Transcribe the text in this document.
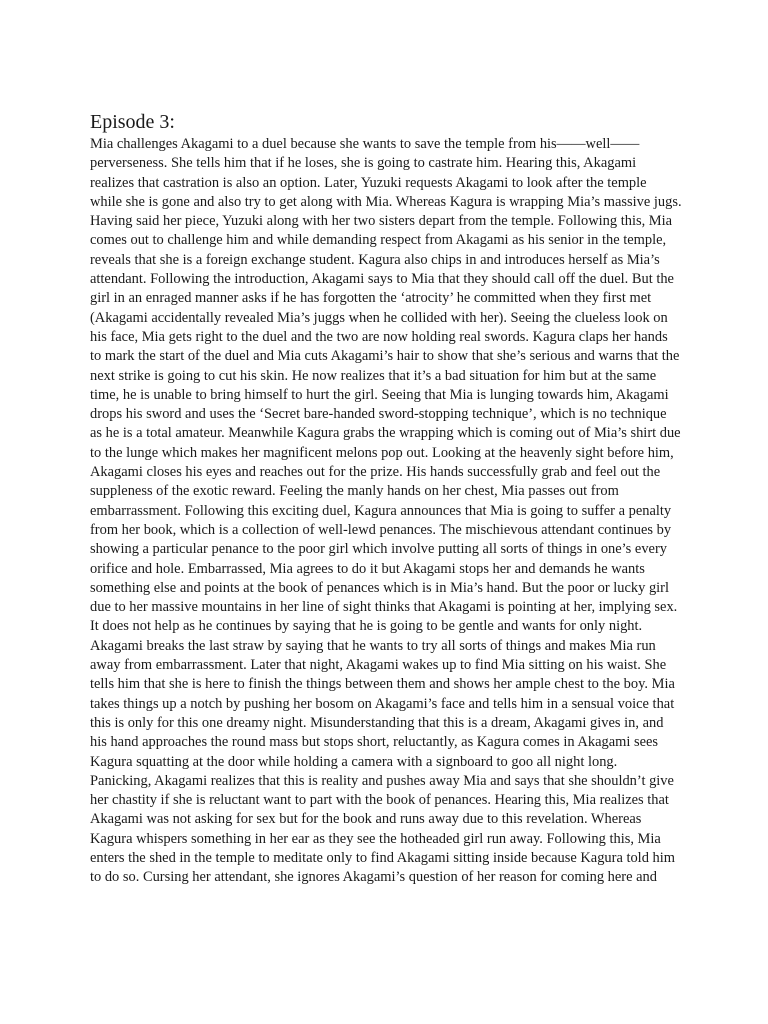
Episode 3:

Mia challenges Akagami to a duel because she wants to save the temple from his——well—— perverseness. She tells him that if he loses, she is going to castrate him. Hearing this, Akagami realizes that castration is also an option. Later, Yuzuki requests Akagami to look after the temple while she is gone and also try to get along with Mia. Whereas Kagura is wrapping Mia’s massive jugs. Having said her piece, Yuzuki along with her two sisters depart from the temple. Following this, Mia comes out to challenge him and while demanding respect from Akagami as his senior in the temple, reveals that she is a foreign exchange student. Kagura also chips in and introduces herself as Mia’s attendant. Following the introduction, Akagami says to Mia that they should call off the duel. But the girl in an enraged manner asks if he has forgotten the ‘atrocity’ he committed when they first met (Akagami accidentally revealed Mia’s juggs when he collided with her). Seeing the clueless look on his face, Mia gets right to the duel and the two are now holding real swords. Kagura claps her hands to mark the start of the duel and Mia cuts Akagami’s hair to show that she’s serious and warns that the next strike is going to cut his skin. He now realizes that it’s a bad situation for him but at the same time, he is unable to bring himself to hurt the girl. Seeing that Mia is lunging towards him, Akagami drops his sword and uses the ‘Secret bare-handed sword-stopping technique’, which is no technique as he is a total amateur. Meanwhile Kagura grabs the wrapping which is coming out of Mia’s shirt due to the lunge which makes her magnificent melons pop out. Looking at the heavenly sight before him, Akagami closes his eyes and reaches out for the prize. His hands successfully grab and feel out the suppleness of the exotic reward. Feeling the manly hands on her chest, Mia passes out from embarrassment. Following this exciting duel, Kagura announces that Mia is going to suffer a penalty from her book, which is a collection of well-lewd penances. The mischievous attendant continues by showing a particular penance to the poor girl which involve putting all sorts of things in one’s every orifice and hole. Embarrassed, Mia agrees to do it but Akagami stops her and demands he wants something else and points at the book of penances which is in Mia’s hand. But the poor or lucky girl due to her massive mountains in her line of sight thinks that Akagami is pointing at her, implying sex. It does not help as he continues by saying that he is going to be gentle and wants for only night. Akagami breaks the last straw by saying that he wants to try all sorts of things and makes Mia run away from embarrassment. Later that night, Akagami wakes up to find Mia sitting on his waist. She tells him that she is here to finish the things between them and shows her ample chest to the boy. Mia takes things up a notch by pushing her bosom on Akagami’s face and tells him in a sensual voice that this is only for this one dreamy night. Misunderstanding that this is a dream, Akagami gives in, and his hand approaches the round mass but stops short, reluctantly, as Kagura comes in Akagami sees Kagura squatting at the door while holding a camera with a signboard to goo all night long. Panicking, Akagami realizes that this is reality and pushes away Mia and says that she shouldn’t give her chastity if she is reluctant want to part with the book of penances. Hearing this, Mia realizes that Akagami was not asking for sex but for the book and runs away due to this revelation. Whereas Kagura whispers something in her ear as they see the hotheaded girl run away. Following this, Mia enters the shed in the temple to meditate only to find Akagami sitting inside because Kagura told him to do so. Cursing her attendant, she ignores Akagami’s question of her reason for coming here and
